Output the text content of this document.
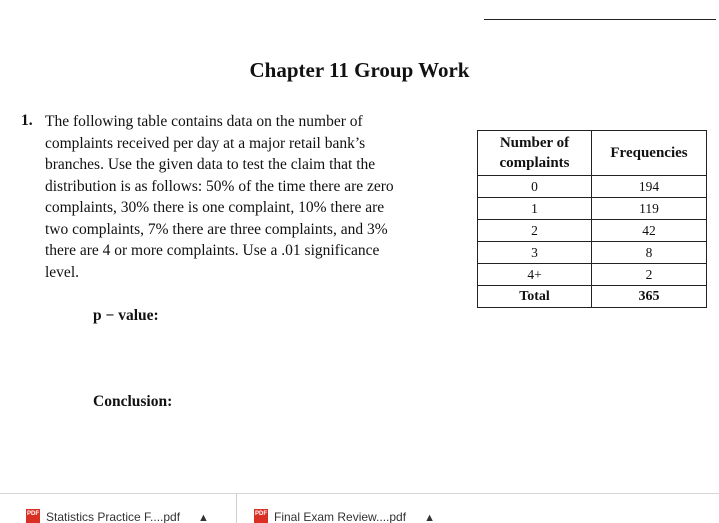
Chapter 11 Group Work
1. The following table contains data on the number of
complaints received per day at a major retail bank’s
branches. Use the given data to test the claim that the
distribution is as follows: 50% of the time there are zero
complaints, 30% there is one complaint, 10% there are
two complaints, 7% there are three complaints, and 3%
there are 4 or more complaints. Use a .01 significance
level.
Number of complaints	Frequencies
0	194
1	119
2	42
3	8
4+	2
Total	365
p − value:
Conclusion:
PDF Statistics Practice F....pdf ▲	PDF Final Exam Review....pdf ▲
